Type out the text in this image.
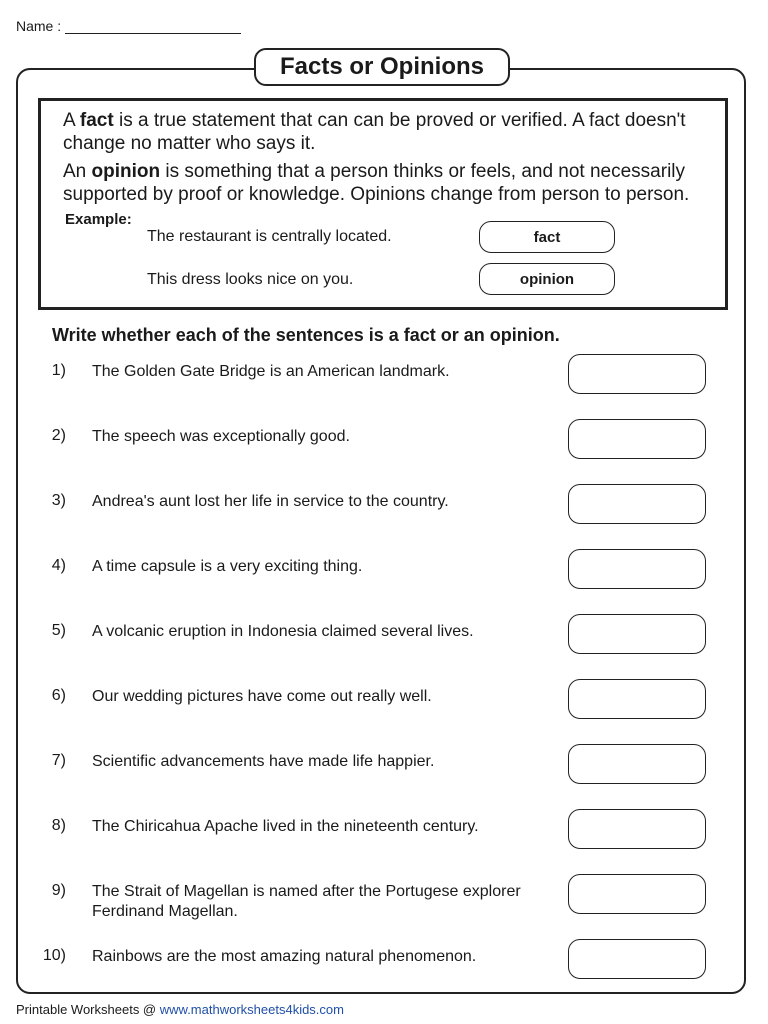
Name :
Facts or Opinions
A fact is a true statement that can can be proved or verified. A fact doesn't change no matter who says it.
An opinion is something that a person thinks or feels, and not necessarily supported by proof or knowledge. Opinions change from person to person.
Example:
The restaurant is centrally located.	fact
This dress looks nice on you.	opinion
Write whether each of the sentences is a fact or an opinion.
1) The Golden Gate Bridge is an American landmark.
2) The speech was exceptionally good.
3) Andrea's aunt lost her life in service to the country.
4) A time capsule is a very exciting thing.
5) A volcanic eruption in Indonesia claimed several lives.
6) Our wedding pictures have come out really well.
7) Scientific advancements have made life happier.
8) The Chiricahua Apache lived in the nineteenth century.
9) The Strait of Magellan is named after the Portugese explorer Ferdinand Magellan.
10) Rainbows are the most amazing natural phenomenon.
Printable Worksheets @ www.mathworksheets4kids.com
